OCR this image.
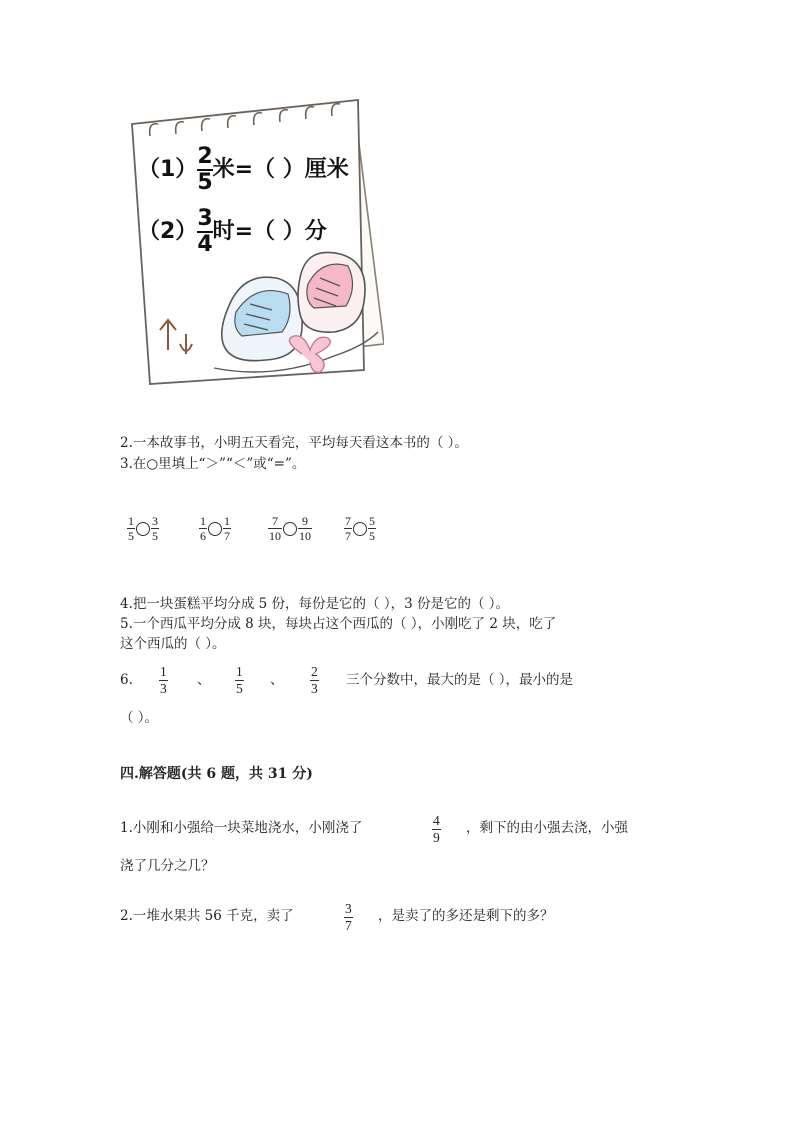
$(1) \frac{2}{5}$ 米=（ ）厘米
$(2) \frac{3}{4}$ 时=（ ）分
2.一本故事书，小明五天看完，平均每天看这本书的（ ）。
3.在○里填上“＞”“＜”或“=”。
$\frac{1}{5} \frac{3}{5}$	$\frac{1}{6} \frac{1}{7}$	$\frac{7}{10} \frac{9}{10}$	$\frac{7}{7} \frac{5}{5}$
4.把一块蛋糕平均分成 5 份，每份是它的（ ），3 份是它的（ ）。
5.一个西瓜平均分成 8 块，每块占这个西瓜的（ ），小刚吃了 2 块，吃了
这个西瓜的（ ）。
6. $\frac{1}{3}$ 、 $\frac{1}{5}$ 、 $\frac{2}{3}$ 三个分数中，最大的是（ ），最小的是
（ ）。
四.解答题(共 6 题，共 31 分)
1.小刚和小强给一块菜地浇水，小刚浇了	$\frac{4}{9}$ ，剩下的由小强去浇，小强
浇了几分之几？
2.一堆水果共 56 千克，卖了	$\frac{3}{7}$ ，是卖了的多还是剩下的多？
